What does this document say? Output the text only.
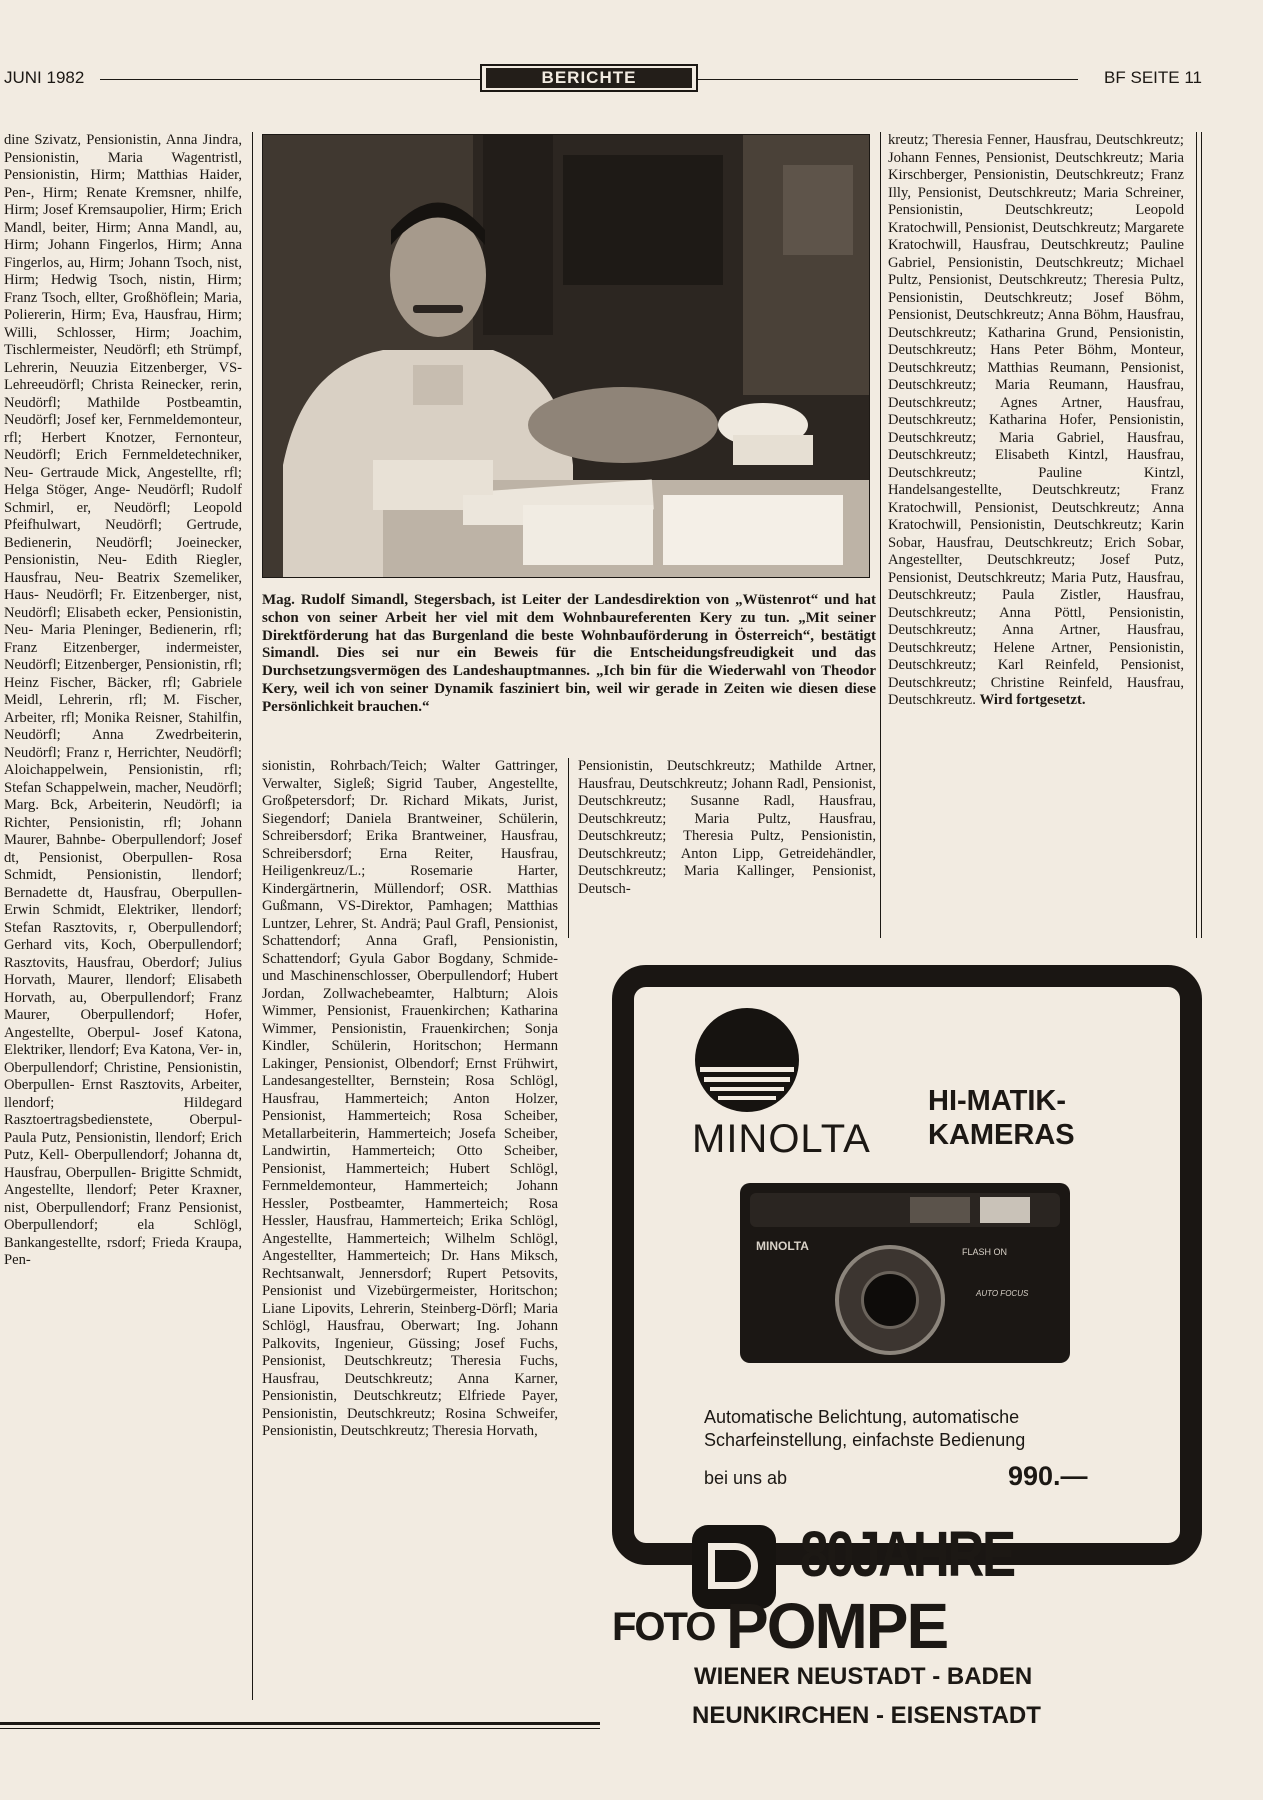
JUNI 1982	BERICHTE	BF SEITE 11

dine Szivatz, Pensionistin, Anna Jindra, Pensionistin, Maria Wagentristl, Pensionistin, Hirm; Matthias Haider, Pen-, Hirm; Renate Kremsner, nhilfe, Hirm; Josef Kremsaupolier, Hirm; Erich Mandl, beiter, Hirm; Anna Mandl, au, Hirm; Johann Fingerlos, Hirm; Anna Fingerlos, au, Hirm; Johann Tsoch, nist, Hirm; Hedwig Tsoch, nistin, Hirm; Franz Tsoch, ellter, Großhöflein; Maria, Poliererin, Hirm; Eva, Hausfrau, Hirm; Willi, Schlosser, Hirm; Joachim, Tischlermeister, Neudörfl; eth Strümpf, Lehrerin, Neuuzia Eitzenberger, VS-Lehreeudörfl; Christa Reinecker, rerin, Neudörfl; Mathilde Postbeamtin, Neudörfl; Josef ker, Fernmeldemonteur, rfl; Herbert Knotzer, Fernonteur, Neudörfl; Erich Fernmeldetechniker, Neu- Gertraude Mick, Angestellte, rfl; Helga Stöger, Ange- Neudörfl; Rudolf Schmirl, er, Neudörfl; Leopold Pfeifhulwart, Neudörfl; Gertrude, Bedienerin, Neudörfl; Joeinecker, Pensionistin, Neu- Edith Riegler, Hausfrau, Neu- Beatrix Szemeliker, Haus- Neudörfl; Fr. Eitzenberger, nist, Neudörfl; Elisabeth ecker, Pensionistin, Neu- Maria Pleninger, Bedienerin, rfl; Franz Eitzenberger, indermeister, Neudörfl; Eitzenberger, Pensionistin, rfl; Heinz Fischer, Bäcker, rfl; Gabriele Meidl, Lehrerin, rfl; M. Fischer, Arbeiter, rfl; Monika Reisner, Stahilfin, Neudörfl; Anna Zwedrbeiterin, Neudörfl; Franz r, Herrichter, Neudörfl; Aloichappelwein, Pensionistin, rfl; Stefan Schappelwein, macher, Neudörfl; Marg. Bck, Arbeiterin, Neudörfl; ia Richter, Pensionistin, rfl; Johann Maurer, Bahnbe- Oberpullendorf; Josef dt, Pensionist, Oberpullen- Rosa Schmidt, Pensionistin, llendorf; Bernadette dt, Hausfrau, Oberpullen- Erwin Schmidt, Elektriker, llendorf; Stefan Rasztovits, r, Oberpullendorf; Gerhard vits, Koch, Oberpullendorf; Rasztovits, Hausfrau, Oberdorf; Julius Horvath, Maurer, llendorf; Elisabeth Horvath, au, Oberpullendorf; Franz Maurer, Oberpullendorf; Hofer, Angestellte, Oberpul- Josef Katona, Elektriker, llendorf; Eva Katona, Ver- in, Oberpullendorf; Christine, Pensionistin, Oberpullen- Ernst Rasztovits, Arbeiter, llendorf; Hildegard Rasztoertragsbedienstete, Oberpul- Paula Putz, Pensionistin, llendorf; Erich Putz, Kell- Oberpullendorf; Johanna dt, Hausfrau, Oberpullen- Brigitte Schmidt, Angestellte, llendorf; Peter Kraxner, nist, Oberpullendorf; Franz Pensionist, Oberpullendorf; ela Schlögl, Bankangestellte, rsdorf; Frieda Kraupa, Pen-

Mag. Rudolf Simandl, Stegersbach, ist Leiter der Landesdirektion von „Wüstenrot“ und hat schon von seiner Arbeit her viel mit dem Wohnbaureferenten Kery zu tun. „Mit seiner Direktförderung hat das Burgenland die beste Wohnbauförderung in Österreich“, bestätigt Simandl. Dies sei nur ein Beweis für die Entscheidungsfreudigkeit und das Durchsetzungsvermögen des Landeshauptmannes. „Ich bin für die Wiederwahl von Theodor Kery, weil ich von seiner Dynamik fasziniert bin, weil wir gerade in Zeiten wie diesen diese Persönlichkeit brauchen.“

sionistin, Rohrbach/Teich; Walter Gattringer, Verwalter, Sigleß; Sigrid Tauber, Angestellte, Großpetersdorf; Dr. Richard Mikats, Jurist, Siegendorf; Daniela Brantweiner, Schülerin, Schreibersdorf; Erika Brantweiner, Hausfrau, Schreibersdorf; Erna Reiter, Hausfrau, Heiligenkreuz/L.; Rosemarie Harter, Kindergärtnerin, Müllendorf; OSR. Matthias Gußmann, VS-Direktor, Pamhagen; Matthias Luntzer, Lehrer, St. Andrä; Paul Grafl, Pensionist, Schattendorf; Anna Grafl, Pensionistin, Schattendorf; Gyula Gabor Bogdany, Schmide- und Maschinenschlosser, Oberpullendorf; Hubert Jordan, Zollwachebeamter, Halbturn; Alois Wimmer, Pensionist, Frauenkirchen; Katharina Wimmer, Pensionistin, Frauenkirchen; Sonja Kindler, Schülerin, Horitschon; Hermann Lakinger, Pensionist, Olbendorf; Ernst Frühwirt, Landesangestellter, Bernstein; Rosa Schlögl, Hausfrau, Hammerteich; Anton Holzer, Pensionist, Hammerteich; Rosa Scheiber, Metallarbeiterin, Hammerteich; Josefa Scheiber, Landwirtin, Hammerteich; Otto Scheiber, Pensionist, Hammerteich; Hubert Schlögl, Fernmeldemonteur, Hammerteich; Johann Hessler, Postbeamter, Hammerteich; Rosa Hessler, Hausfrau, Hammerteich; Erika Schlögl, Angestellte, Hammerteich; Wilhelm Schlögl, Angestellter, Hammerteich; Dr. Hans Miksch, Rechtsanwalt, Jennersdorf; Rupert Petsovits, Pensionist und Vizebürgermeister, Horitschon; Liane Lipovits, Lehrerin, Steinberg-Dörfl; Maria Schlögl, Hausfrau, Oberwart; Ing. Johann Palkovits, Ingenieur, Güssing; Josef Fuchs, Pensionist, Deutschkreutz; Theresia Fuchs, Hausfrau, Deutschkreutz; Anna Karner, Pensionistin, Deutschkreutz; Elfriede Payer, Pensionistin, Deutschkreutz; Rosina Schweifer, Pensionistin, Deutschkreutz; Theresia Horvath,

Pensionistin, Deutschkreutz; Mathilde Artner, Hausfrau, Deutschkreutz; Johann Radl, Pensionist, Deutschkreutz; Susanne Radl, Hausfrau, Deutschkreutz; Maria Pultz, Hausfrau, Deutschkreutz; Theresia Pultz, Pensionistin, Deutschkreutz; Anton Lipp, Getreidehändler, Deutschkreutz; Maria Kallinger, Pensionist, Deutsch-

kreutz; Theresia Fenner, Hausfrau, Deutschkreutz; Johann Fennes, Pensionist, Deutschkreutz; Maria Kirschberger, Pensionistin, Deutschkreutz; Franz Illy, Pensionist, Deutschkreutz; Maria Schreiner, Pensionistin, Deutschkreutz; Leopold Kratochwill, Pensionist, Deutschkreutz; Margarete Kratochwill, Hausfrau, Deutschkreutz; Pauline Gabriel, Pensionistin, Deutschkreutz; Michael Pultz, Pensionist, Deutschkreutz; Theresia Pultz, Pensionistin, Deutschkreutz; Josef Böhm, Pensionist, Deutschkreutz; Anna Böhm, Hausfrau, Deutschkreutz; Katharina Grund, Pensionistin, Deutschkreutz; Hans Peter Böhm, Monteur, Deutschkreutz; Matthias Reumann, Pensionist, Deutschkreutz; Maria Reumann, Hausfrau, Deutschkreutz; Agnes Artner, Hausfrau, Deutschkreutz; Katharina Hofer, Pensionistin, Deutschkreutz; Maria Gabriel, Hausfrau, Deutschkreutz; Elisabeth Kintzl, Hausfrau, Deutschkreutz; Pauline Kintzl, Handelsangestellte, Deutschkreutz; Franz Kratochwill, Pensionist, Deutschkreutz; Anna Kratochwill, Pensionistin, Deutschkreutz; Karin Sobar, Hausfrau, Deutschkreutz; Erich Sobar, Angestellter, Deutschkreutz; Josef Putz, Pensionist, Deutschkreutz; Maria Putz, Hausfrau, Deutschkreutz; Paula Zistler, Hausfrau, Deutschkreutz; Anna Pöttl, Pensionistin, Deutschkreutz; Anna Artner, Hausfrau, Deutschkreutz; Helene Artner, Pensionistin, Deutschkreutz; Karl Reinfeld, Pensionist, Deutschkreutz; Christine Reinfeld, Hausfrau, Deutschkreutz. Wird fortgesetzt.

MINOLTA
HI-MATIK-
KAMERAS
MINOLTA	FLASH ON
AUTO FOCUS
Automatische Belichtung, automatische
Scharfeinstellung, einfachste Bedienung
bei uns ab	990.—
80JAHRE
FOTO POMPE
WIENER NEUSTADT - BADEN
NEUNKIRCHEN - EISENSTADT
